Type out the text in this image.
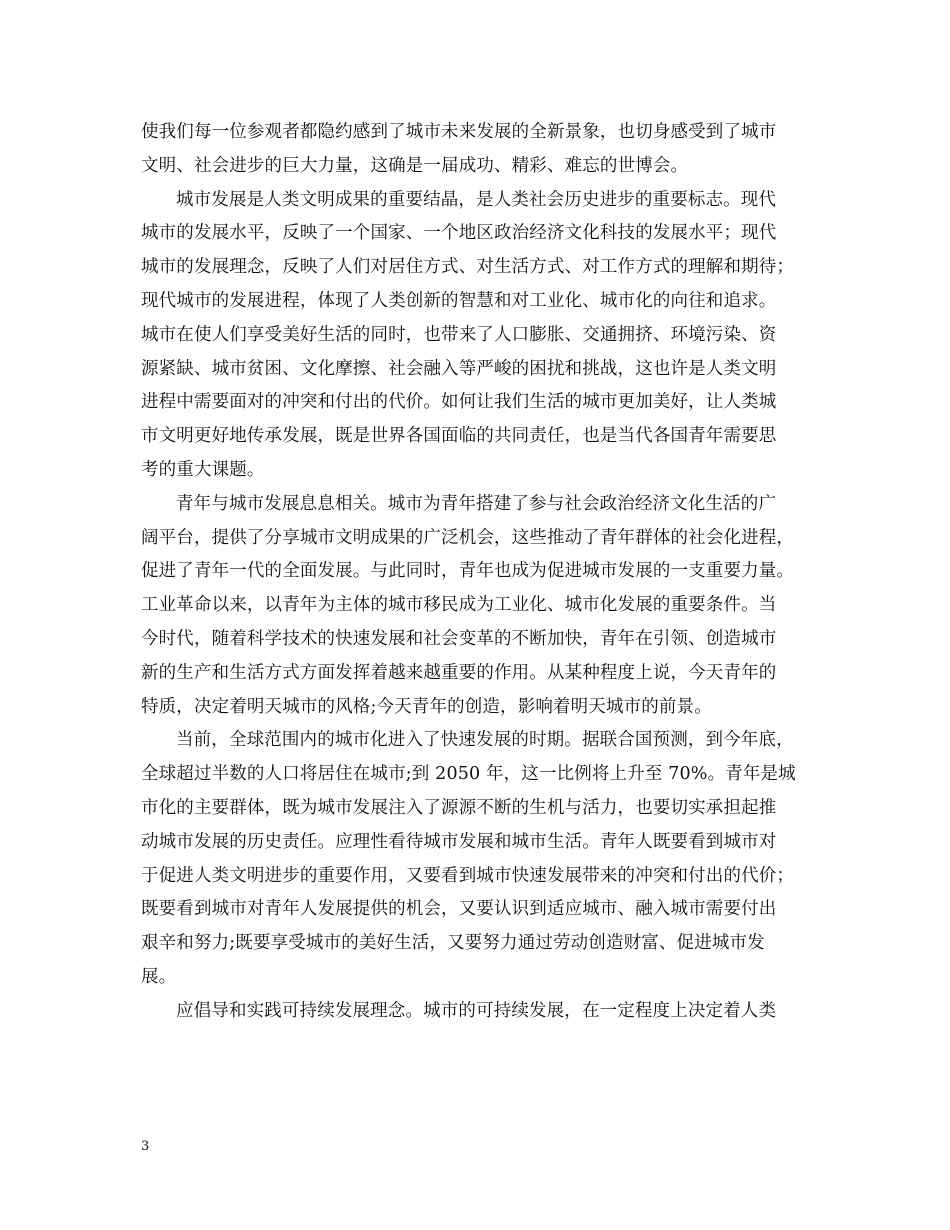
使我们每一位参观者都隐约感到了城市未来发展的全新景象，也切身感受到了城市
文明、社会进步的巨大力量，这确是一届成功、精彩、难忘的世博会。
城市发展是人类文明成果的重要结晶，是人类社会历史进步的重要标志。现代
城市的发展水平，反映了一个国家、一个地区政治经济文化科技的发展水平；现代
城市的发展理念，反映了人们对居住方式、对生活方式、对工作方式的理解和期待；
现代城市的发展进程，体现了人类创新的智慧和对工业化、城市化的向往和追求。
城市在使人们享受美好生活的同时，也带来了人口膨胀、交通拥挤、环境污染、资
源紧缺、城市贫困、文化摩擦、社会融入等严峻的困扰和挑战，这也许是人类文明
进程中需要面对的冲突和付出的代价。如何让我们生活的城市更加美好，让人类城
市文明更好地传承发展，既是世界各国面临的共同责任，也是当代各国青年需要思
考的重大课题。
青年与城市发展息息相关。城市为青年搭建了参与社会政治经济文化生活的广
阔平台，提供了分享城市文明成果的广泛机会，这些推动了青年群体的社会化进程，
促进了青年一代的全面发展。与此同时，青年也成为促进城市发展的一支重要力量。
工业革命以来，以青年为主体的城市移民成为工业化、城市化发展的重要条件。当
今时代，随着科学技术的快速发展和社会变革的不断加快，青年在引领、创造城市
新的生产和生活方式方面发挥着越来越重要的作用。从某种程度上说，今天青年的
特质，决定着明天城市的风格;今天青年的创造，影响着明天城市的前景。
当前，全球范围内的城市化进入了快速发展的时期。据联合国预测，到今年底，
全球超过半数的人口将居住在城市;到 2050 年，这一比例将上升至 70%。青年是城
市化的主要群体，既为城市发展注入了源源不断的生机与活力，也要切实承担起推
动城市发展的历史责任。应理性看待城市发展和城市生活。青年人既要看到城市对
于促进人类文明进步的重要作用，又要看到城市快速发展带来的冲突和付出的代价；
既要看到城市对青年人发展提供的机会，又要认识到适应城市、融入城市需要付出
艰辛和努力;既要享受城市的美好生活，又要努力通过劳动创造财富、促进城市发
展。
应倡导和实践可持续发展理念。城市的可持续发展，在一定程度上决定着人类
3
